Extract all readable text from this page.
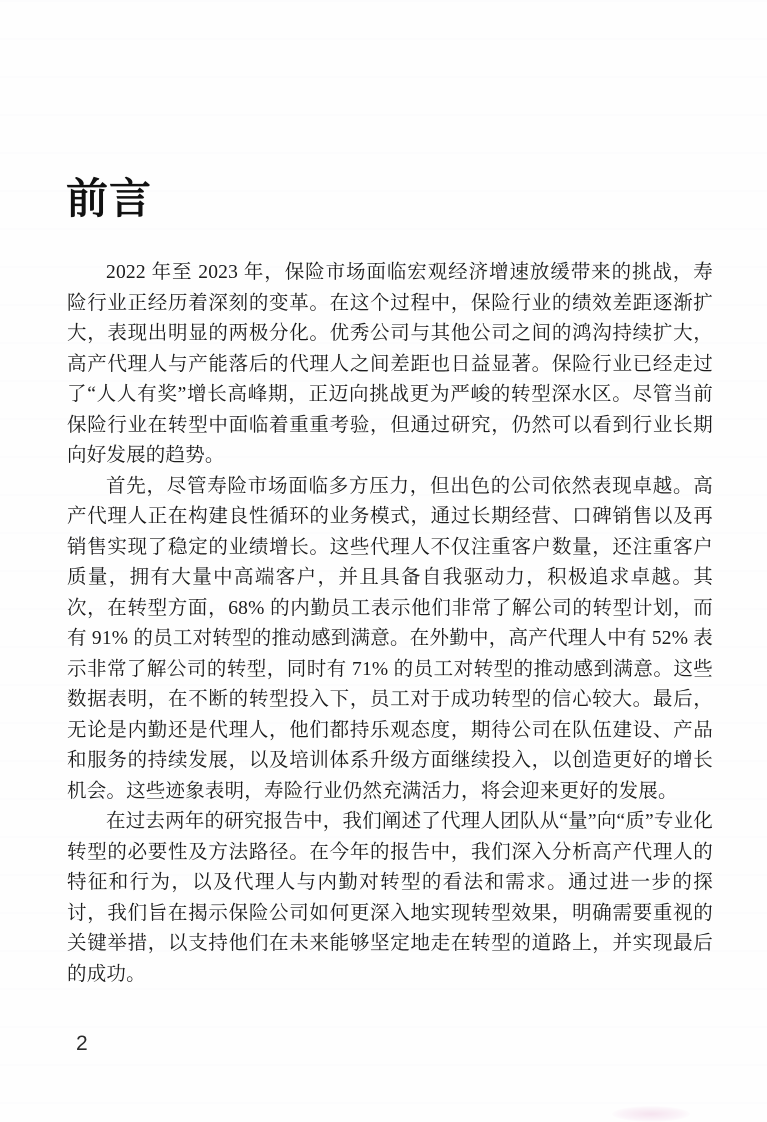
前言

2022 年至 2023 年，保险市场面临宏观经济增速放缓带来的挑战，寿险行业正经历着深刻的变革。在这个过程中，保险行业的绩效差距逐渐扩大，表现出明显的两极分化。优秀公司与其他公司之间的鸿沟持续扩大，高产代理人与产能落后的代理人之间差距也日益显著。保险行业已经走过了“人人有奖”增长高峰期，正迈向挑战更为严峻的转型深水区。尽管当前保险行业在转型中面临着重重考验，但通过研究，仍然可以看到行业长期向好发展的趋势。

首先，尽管寿险市场面临多方压力，但出色的公司依然表现卓越。高产代理人正在构建良性循环的业务模式，通过长期经营、口碑销售以及再销售实现了稳定的业绩增长。这些代理人不仅注重客户数量，还注重客户质量，拥有大量中高端客户，并且具备自我驱动力，积极追求卓越。其次，在转型方面，68% 的内勤员工表示他们非常了解公司的转型计划，而有 91% 的员工对转型的推动感到满意。在外勤中，高产代理人中有 52% 表示非常了解公司的转型，同时有 71% 的员工对转型的推动感到满意。这些数据表明，在不断的转型投入下，员工对于成功转型的信心较大。最后，无论是内勤还是代理人，他们都持乐观态度，期待公司在队伍建设、产品和服务的持续发展，以及培训体系升级方面继续投入，以创造更好的增长机会。这些迹象表明，寿险行业仍然充满活力，将会迎来更好的发展。

在过去两年的研究报告中，我们阐述了代理人团队从“量”向“质”专业化转型的必要性及方法路径。在今年的报告中，我们深入分析高产代理人的特征和行为，以及代理人与内勤对转型的看法和需求。通过进一步的探讨，我们旨在揭示保险公司如何更深入地实现转型效果，明确需要重视的关键举措，以支持他们在未来能够坚定地走在转型的道路上，并实现最后的成功。

2
